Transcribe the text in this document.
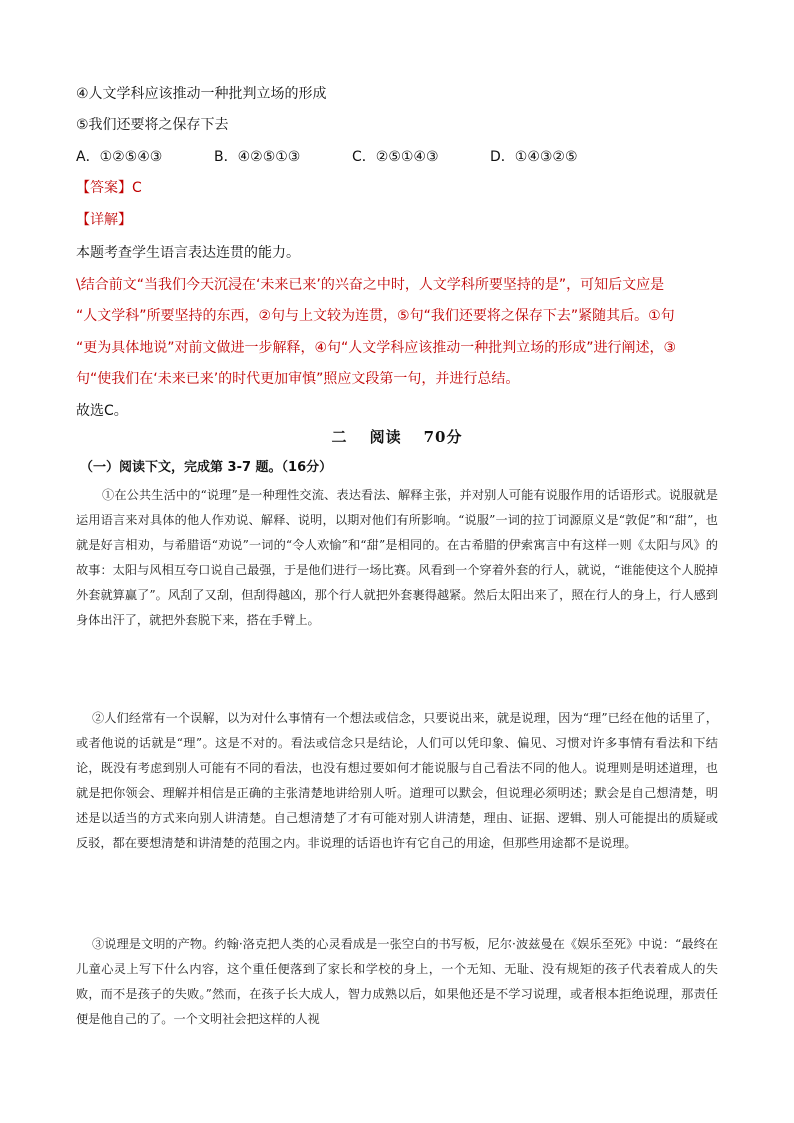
④人文学科应该推动一种批判立场的形成
⑤我们还要将之保存下去
A．①②⑤④③	B．④②⑤①③	C．②⑤①④③	D．①④③②⑤
【答案】C
【详解】
本题考查学生语言表达连贯的能力。
\结合前文“当我们今天沉浸在‘未来已来’的兴奋之中时，人文学科所要坚持的是”，可知后文应是
“人文学科”所要坚持的东西，②句与上文较为连贯，⑤句“我们还要将之保存下去”紧随其后。①句
“更为具体地说”对前文做进一步解释，④句“人文学科应该推动一种批判立场的形成”进行阐述，③
句“使我们在‘未来已来’的时代更加审慎”照应文段第一句，并进行总结。
故选C。
二 阅读 70分
（一）阅读下文，完成第 3-7 题。（16分）

①在公共生活中的“说理”是一种理性交流、表达看法、解释主张，并对别人可能有说服作用的话语形式。说服就是运用语言来对具体的他人作劝说、解释、说明，以期对他们有所影响。“说服”一词的拉丁词源原义是“敦促”和“甜”，也就是好言相劝，与希腊语“劝说”一词的“令人欢愉”和“甜”是相同的。在古希腊的伊索寓言中有这样一则《太阳与风》的故事：太阳与风相互夸口说自己最强，于是他们进行一场比赛。风看到一个穿着外套的行人，就说，“谁能使这个人脱掉外套就算赢了”。风刮了又刮，但刮得越凶，那个行人就把外套裹得越紧。然后太阳出来了，照在行人的身上，行人感到身体出汗了，就把外套脱下来，搭在手臂上。

②人们经常有一个误解，以为对什么事情有一个想法或信念，只要说出来，就是说理，因为“理”已经在他的话里了，或者他说的话就是“理”。这是不对的。看法或信念只是结论，人们可以凭印象、偏见、习惯对许多事情有看法和下结论，既没有考虑到别人可能有不同的看法，也没有想过要如何才能说服与自己看法不同的他人。说理则是明述道理，也就是把你领会、理解并相信是正确的主张清楚地讲给别人听。道理可以默会，但说理必须明述；默会是自己想清楚，明述是以适当的方式来向别人讲清楚。自己想清楚了才有可能对别人讲清楚，理由、证据、逻辑、别人可能提出的质疑或反驳，都在要想清楚和讲清楚的范围之内。非说理的话语也许有它自己的用途，但那些用途都不是说理。

③说理是文明的产物。约翰·洛克把人类的心灵看成是一张空白的书写板，尼尔·波兹曼在《娱乐至死》中说：“最终在儿童心灵上写下什么内容，这个重任便落到了家长和学校的身上，一个无知、无耻、没有规矩的孩子代表着成人的失败，而不是孩子的失败。”然而，在孩子长大成人，智力成熟以后，如果他还是不学习说理，或者根本拒绝说理，那责任便是他自己的了。一个文明社会把这样的人视
